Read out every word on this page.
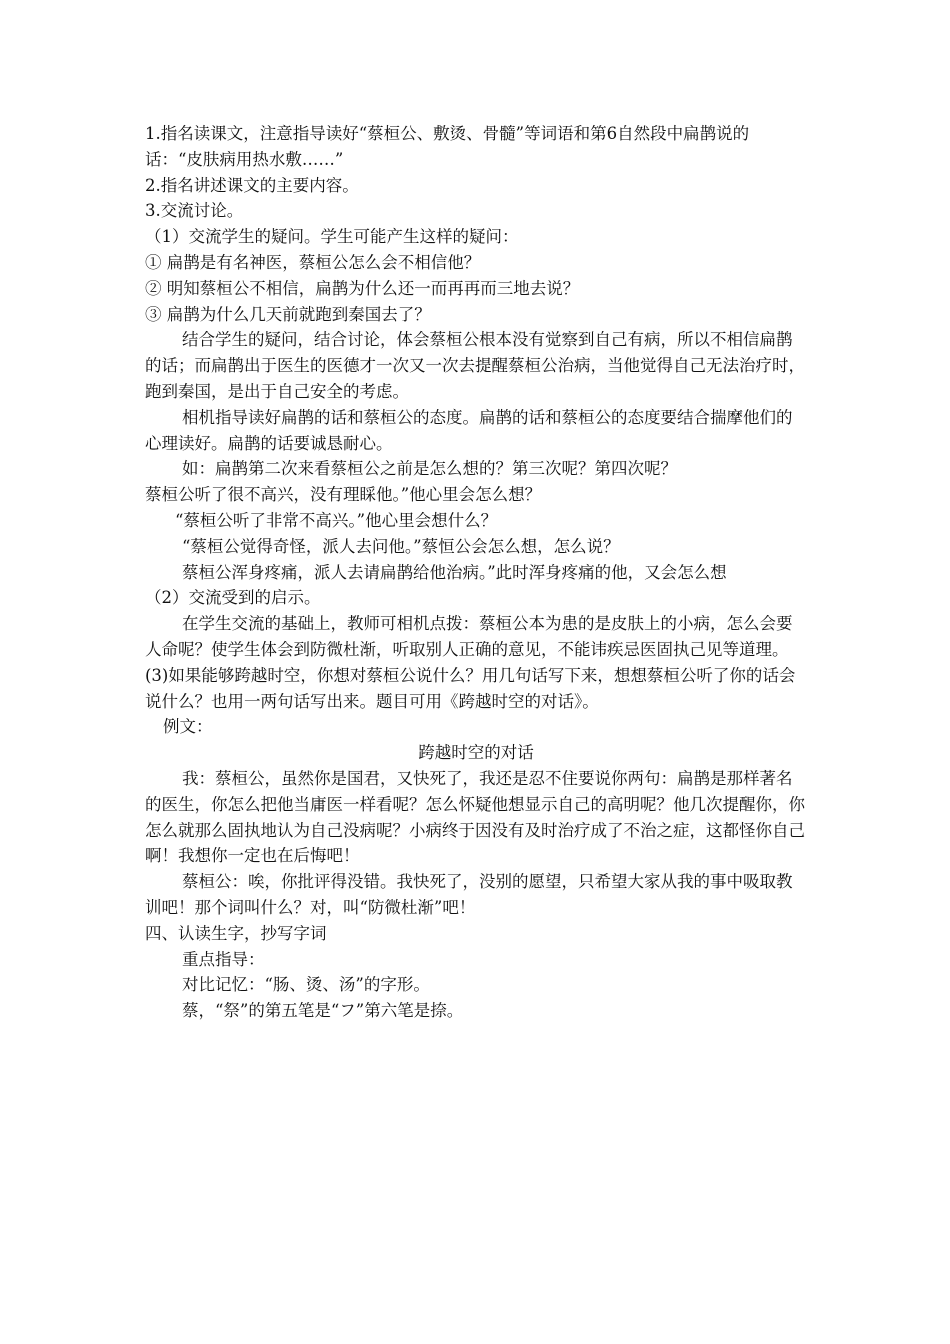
1.指名读课文，注意指导读好“蔡桓公、敷烫、骨髓”等词语和第6自然段中扁鹊说的话：“皮肤病用热水敷……”

2.指名讲述课文的主要内容。

3.交流讨论。

（1）交流学生的疑问。学生可能产生这样的疑问：

① 扁鹊是有名神医，蔡桓公怎么会不相信他？

② 明知蔡桓公不相信，扁鹊为什么还一而再再而三地去说？

③ 扁鹊为什么几天前就跑到秦国去了？

结合学生的疑问，结合讨论，体会蔡桓公根本没有觉察到自己有病，所以不相信扁鹊的话；而扁鹊出于医生的医德才一次又一次去提醒蔡桓公治病，当他觉得自己无法治疗时，跑到秦国，是出于自己安全的考虑。

相机指导读好扁鹊的话和蔡桓公的态度。扁鹊的话和蔡桓公的态度要结合揣摩他们的心理读好。扁鹊的话要诚恳耐心。

如：扁鹊第二次来看蔡桓公之前是怎么想的？第三次呢？第四次呢？

蔡桓公听了很不高兴，没有理睬他。”他心里会怎么想？

“蔡桓公听了非常不高兴。”他心里会想什么？

“蔡桓公觉得奇怪，派人去问他。”蔡恒公会怎么想，怎么说？

蔡桓公浑身疼痛，派人去请扁鹊给他治病。”此时浑身疼痛的他，又会怎么想

（2）交流受到的启示。

在学生交流的基础上，教师可相机点拨：蔡桓公本为患的是皮肤上的小病，怎么会要人命呢？使学生体会到防微杜渐，听取别人正确的意见，不能讳疾忌医固执己见等道理。

(3)如果能够跨越时空，你想对蔡桓公说什么？用几句话写下来，想想蔡桓公听了你的话会说什么？也用一两句话写出来。题目可用《跨越时空的对话》。

例文：

跨越时空的对话

我：蔡桓公，虽然你是国君，又快死了，我还是忍不住要说你两句：扁鹊是那样著名的医生，你怎么把他当庸医一样看呢？怎么怀疑他想显示自己的高明呢？他几次提醒你，你怎么就那么固执地认为自己没病呢？小病终于因没有及时治疗成了不治之症，这都怪你自己啊！我想你一定也在后悔吧！

蔡桓公：唉，你批评得没错。我快死了，没别的愿望，只希望大家从我的事中吸取教训吧！那个词叫什么？对，叫“防微杜渐”吧！

四、认读生字，抄写字词

重点指导：

对比记忆：“肠、烫、汤”的字形。

蔡，“祭”的第五笔是“フ”第六笔是捺。
